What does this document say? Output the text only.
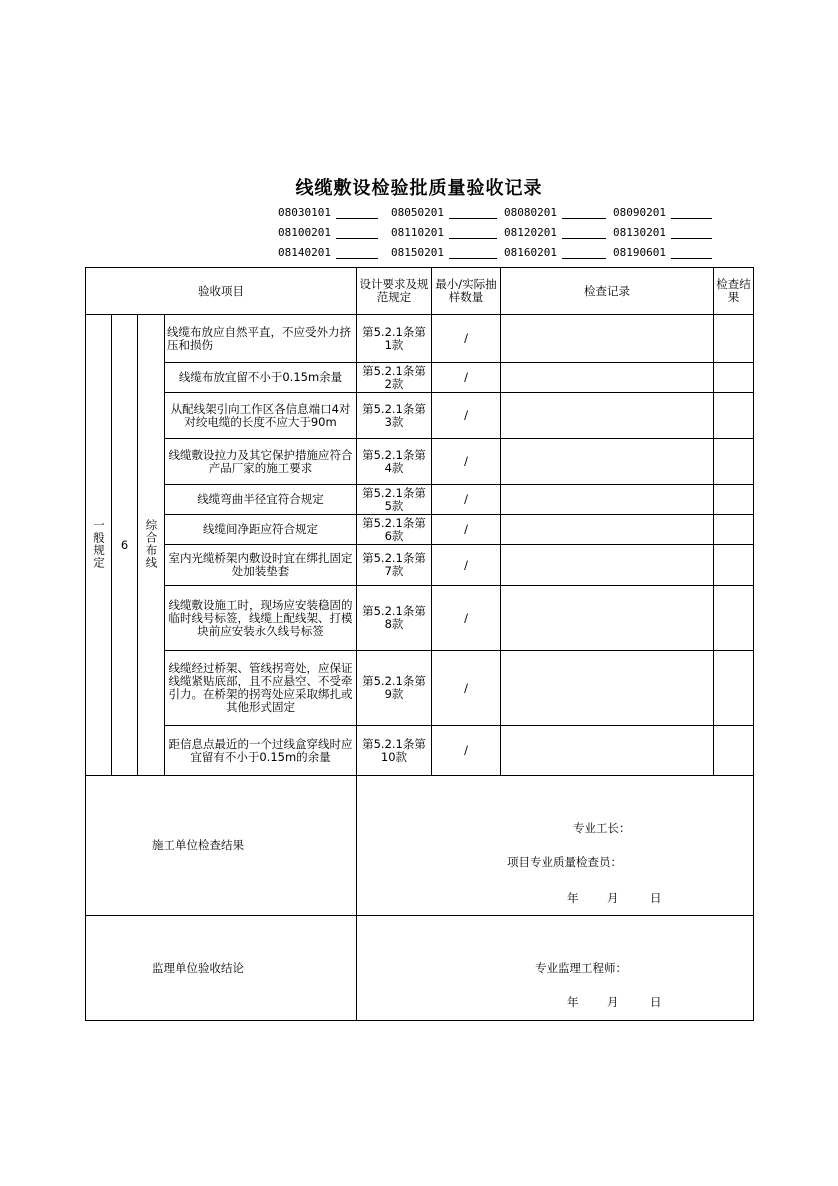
线缆敷设检验批质量验收记录
08030101	08050201	08080201	08090201
08100201	08110201	08120201	08130201
08140201	08150201	08160201	08190601
验收项目				设计要求及规范规定	最小/实际抽样数量	检查记录	检查结果
一般规定	6	综合布线	线缆布放应自然平直，不应受外力挤压和损伤	第5.2.1条第1款	/		
			线缆布放宜留不小于0.15m余量	第5.2.1条第2款	/		
			从配线架引向工作区各信息端口4对对绞电缆的长度不应大于90m	第5.2.1条第3款	/		
			线缆敷设拉力及其它保护措施应符合产品厂家的施工要求	第5.2.1条第4款	/		
			线缆弯曲半径宜符合规定	第5.2.1条第5款	/		
			线缆间净距应符合规定	第5.2.1条第6款	/		
			室内光缆桥架内敷设时宜在绑扎固定处加装垫套	第5.2.1条第7款	/		
			线缆敷设施工时，现场应安装稳固的临时线号标签，线缆上配线架、打模块前应安装永久线号标签	第5.2.1条第8款	/		
			线缆经过桥架、管线拐弯处，应保证线缆紧贴底部，且不应悬空、不受牵引力。在桥架的拐弯处应采取绑扎或其他形式固定	第5.2.1条第9款	/		
			距信息点最近的一个过线盒穿线时应宜留有不小于0.15m的余量	第5.2.1条第10款	/		

施工单位检查结果				专业工长：
项目专业质量检查员：
年 月 日			

监理单位验收结论				专业监理工程师：
年 月 日			
